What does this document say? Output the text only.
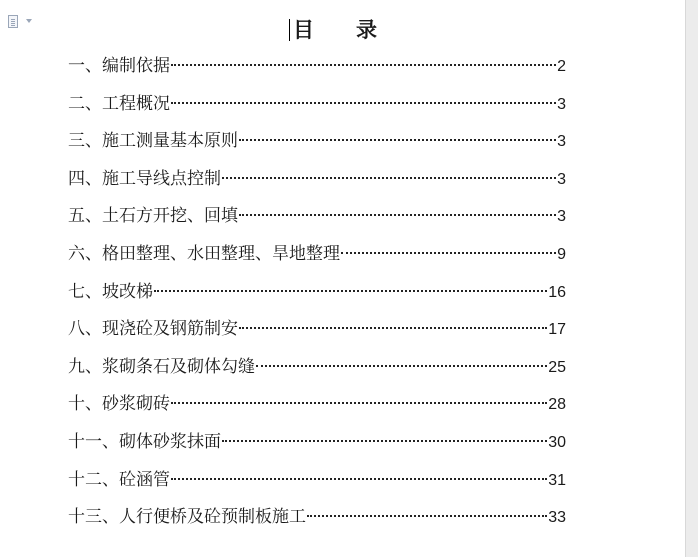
目　　录
一、编制依据	2
二、工程概况	3
三、施工测量基本原则	3
四、施工导线点控制	3
五、土石方开挖、回填	3
六、格田整理、水田整理、旱地整理	9
七、坡改梯	16
八、现浇砼及钢筋制安	17
九、浆砌条石及砌体勾缝	25
十、砂浆砌砖	28
十一、砌体砂浆抹面	30
十二、砼涵管	31
十三、人行便桥及砼预制板施工	33
